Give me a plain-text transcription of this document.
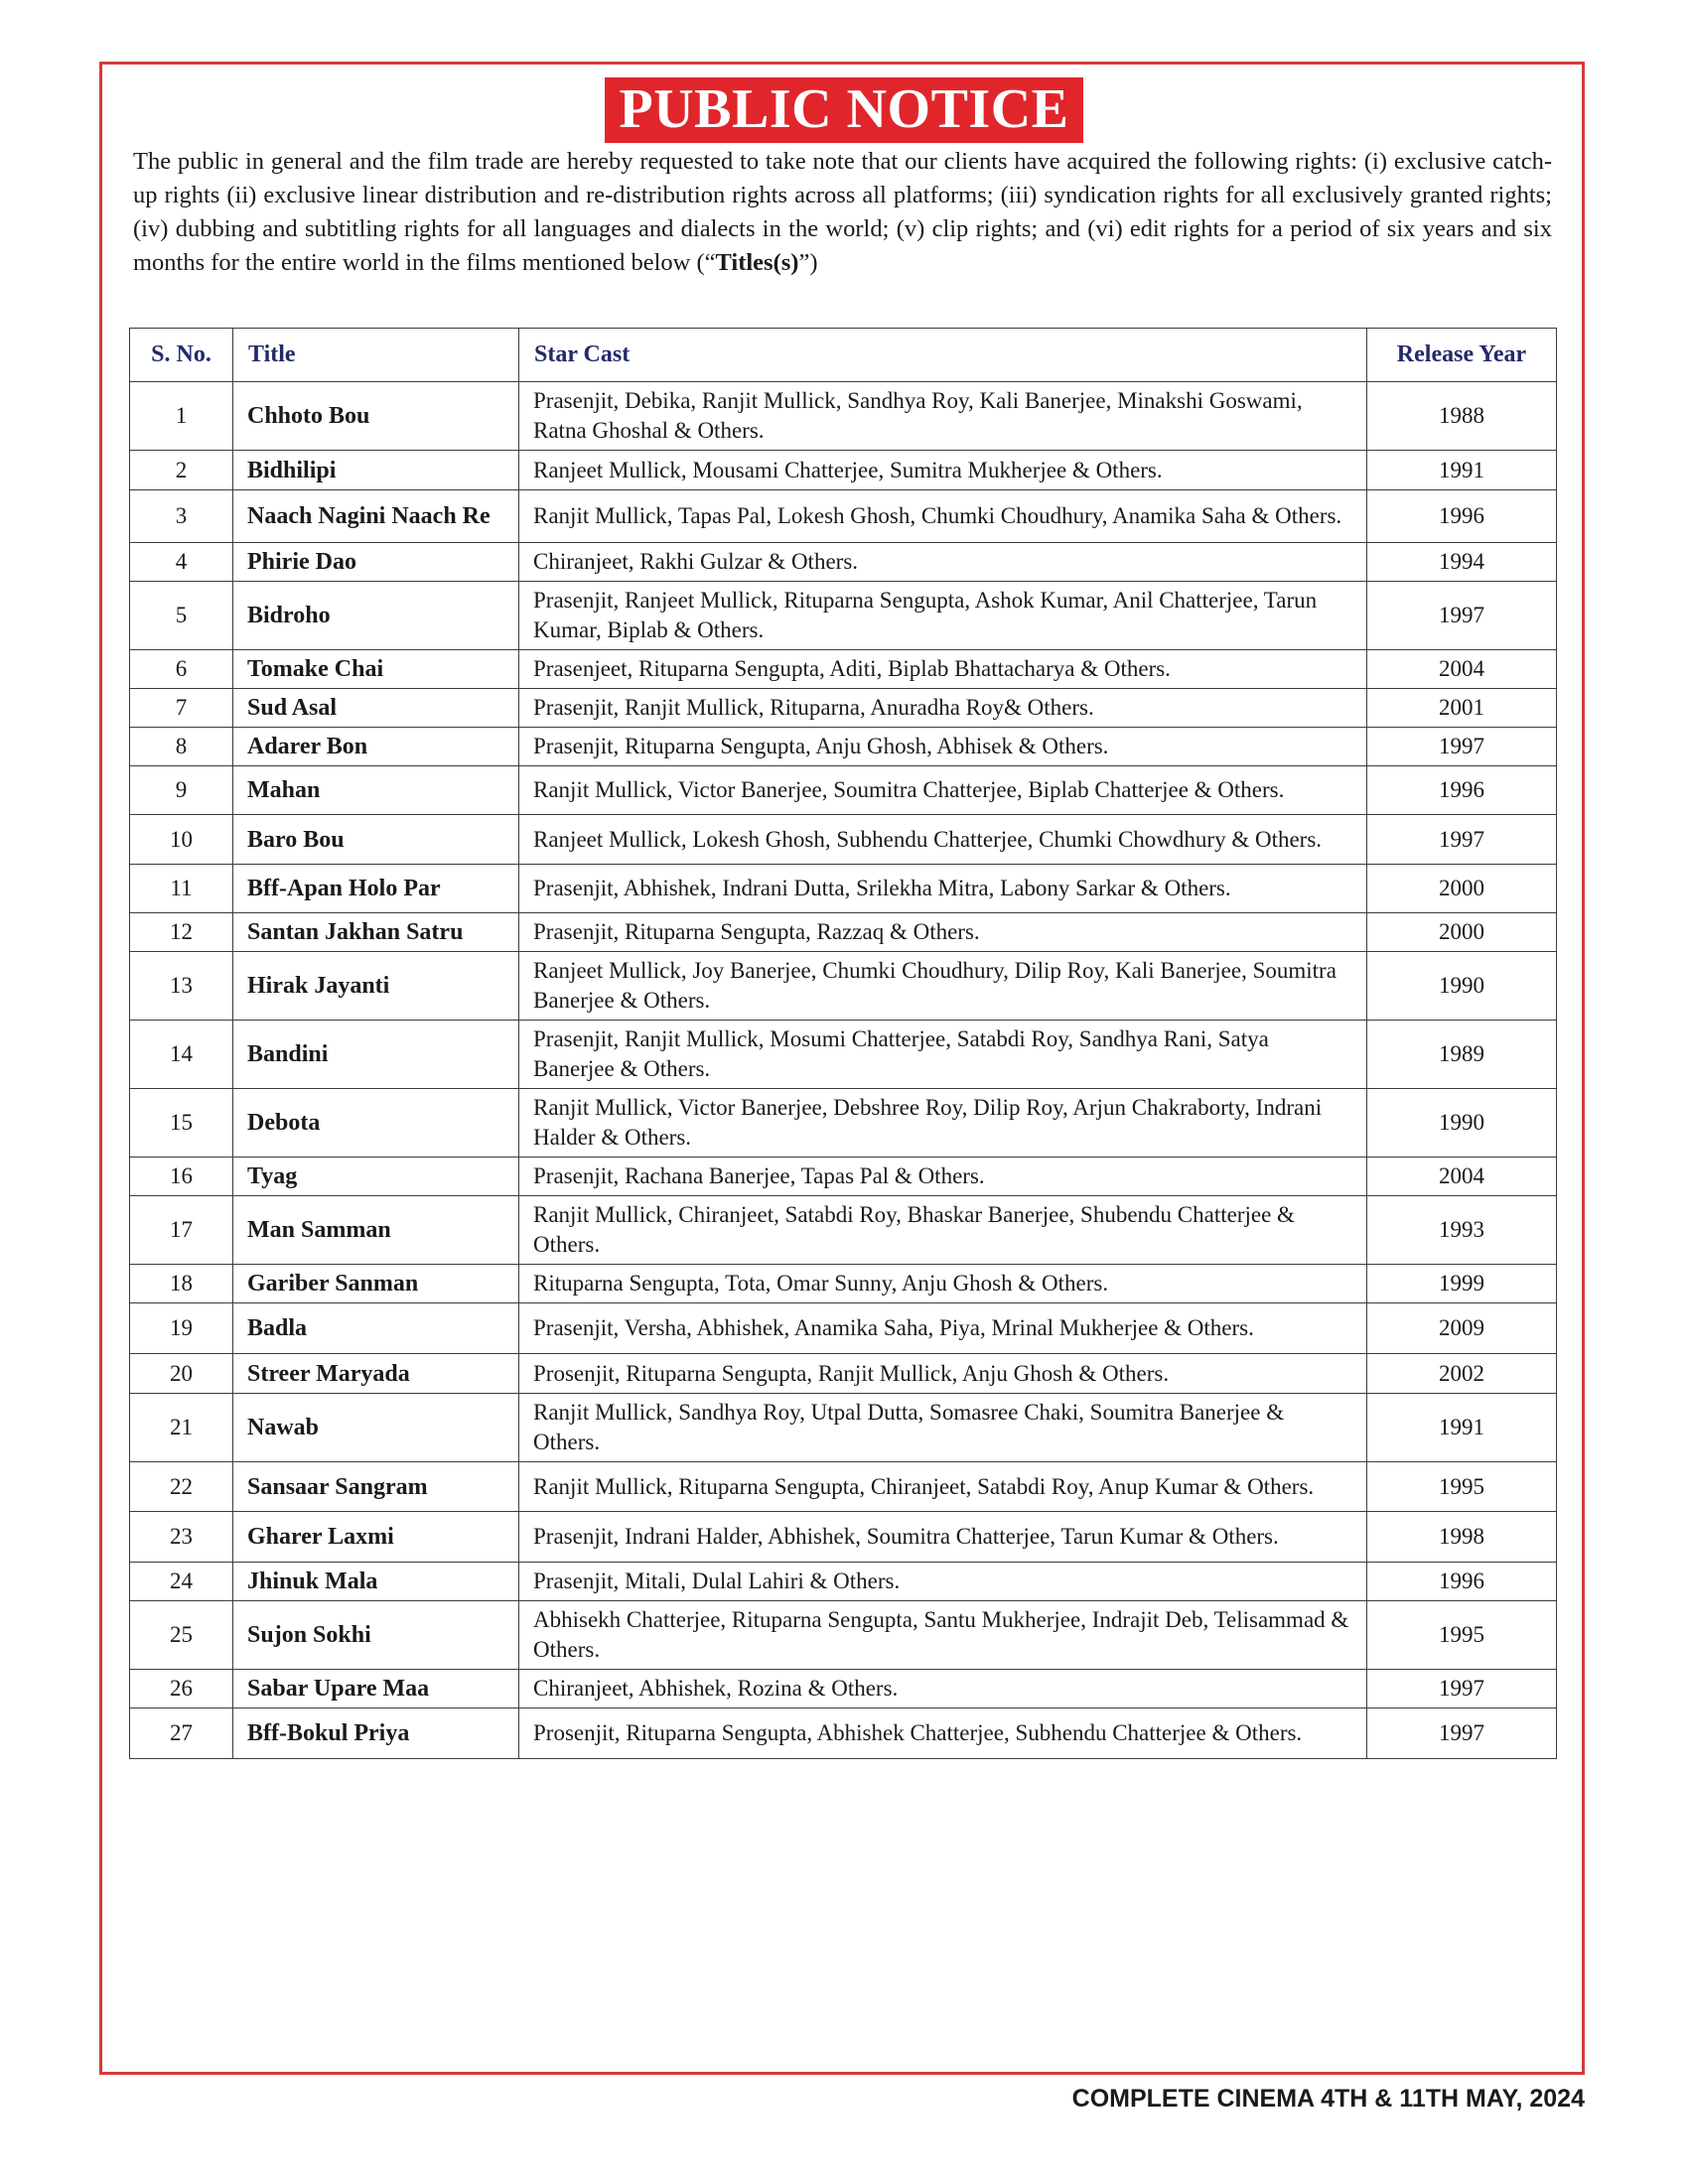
PUBLIC NOTICE
The public in general and the film trade are hereby requested to take note that our clients have acquired the following rights: (i) exclusive catch-up rights (ii) exclusive linear distribution and re-distribution rights across all platforms; (iii) syndication rights for all exclusively granted rights; (iv) dubbing and subtitling rights for all languages and dialects in the world; (v) clip rights; and (vi) edit rights for a period of six years and six months for the entire world in the films mentioned below (“Titles(s)”)
S. No.	Title	Star Cast	Release Year
1	Chhoto Bou	Prasenjit, Debika, Ranjit Mullick, Sandhya Roy, Kali Banerjee, Minakshi Goswami, Ratna Ghoshal & Others.	1988
2	Bidhilipi	Ranjeet Mullick, Mousami Chatterjee, Sumitra Mukherjee & Others.	1991
3	Naach Nagini Naach Re	Ranjit Mullick, Tapas Pal, Lokesh Ghosh, Chumki Choudhury, Anamika Saha & Others.	1996
4	Phirie Dao	Chiranjeet, Rakhi Gulzar & Others.	1994
5	Bidroho	Prasenjit, Ranjeet Mullick, Rituparna Sengupta, Ashok Kumar, Anil Chatterjee, Tarun Kumar, Biplab & Others.	1997
6	Tomake Chai	Prasenjeet, Rituparna Sengupta, Aditi, Biplab Bhattacharya & Others.	2004
7	Sud Asal	Prasenjit, Ranjit Mullick, Rituparna, Anuradha Roy& Others.	2001
8	Adarer Bon	Prasenjit, Rituparna Sengupta, Anju Ghosh, Abhisek & Others.	1997
9	Mahan	Ranjit Mullick, Victor Banerjee, Soumitra Chatterjee, Biplab Chatterjee & Others.	1996
10	Baro Bou	Ranjeet Mullick, Lokesh Ghosh, Subhendu Chatterjee, Chumki Chowdhury & Others.	1997
11	Bff-Apan Holo Par	Prasenjit, Abhishek, Indrani Dutta, Srilekha Mitra, Labony Sarkar & Others.	2000
12	Santan Jakhan Satru	Prasenjit, Rituparna Sengupta, Razzaq & Others.	2000
13	Hirak Jayanti	Ranjeet Mullick, Joy Banerjee, Chumki Choudhury, Dilip Roy, Kali Banerjee, Soumitra Banerjee & Others.	1990
14	Bandini	Prasenjit, Ranjit Mullick, Mosumi Chatterjee, Satabdi Roy, Sandhya Rani, Satya Banerjee & Others.	1989
15	Debota	Ranjit Mullick, Victor Banerjee, Debshree Roy, Dilip Roy, Arjun Chakraborty, Indrani Halder & Others.	1990
16	Tyag	Prasenjit, Rachana Banerjee, Tapas Pal & Others.	2004
17	Man Samman	Ranjit Mullick, Chiranjeet, Satabdi Roy, Bhaskar Banerjee, Shubendu Chatterjee & Others.	1993
18	Gariber Sanman	Rituparna Sengupta, Tota, Omar Sunny, Anju Ghosh & Others.	1999
19	Badla	Prasenjit, Versha, Abhishek, Anamika Saha, Piya, Mrinal Mukherjee & Others.	2009
20	Streer Maryada	Prosenjit, Rituparna Sengupta, Ranjit Mullick, Anju Ghosh & Others.	2002
21	Nawab	Ranjit Mullick, Sandhya Roy, Utpal Dutta, Somasree Chaki, Soumitra Banerjee & Others.	1991
22	Sansaar Sangram	Ranjit Mullick, Rituparna Sengupta, Chiranjeet, Satabdi Roy, Anup Kumar & Others.	1995
23	Gharer Laxmi	Prasenjit, Indrani Halder, Abhishek, Soumitra Chatterjee, Tarun Kumar & Others.	1998
24	Jhinuk Mala	Prasenjit, Mitali, Dulal Lahiri & Others.	1996
25	Sujon Sokhi	Abhisekh Chatterjee, Rituparna Sengupta, Santu Mukherjee, Indrajit Deb, Telisammad & Others.	1995
26	Sabar Upare Maa	Chiranjeet, Abhishek, Rozina & Others.	1997
27	Bff-Bokul Priya	Prosenjit, Rituparna Sengupta, Abhishek Chatterjee, Subhendu Chatterjee & Others.	1997
COMPLETE CINEMA 4TH & 11TH MAY, 2024
